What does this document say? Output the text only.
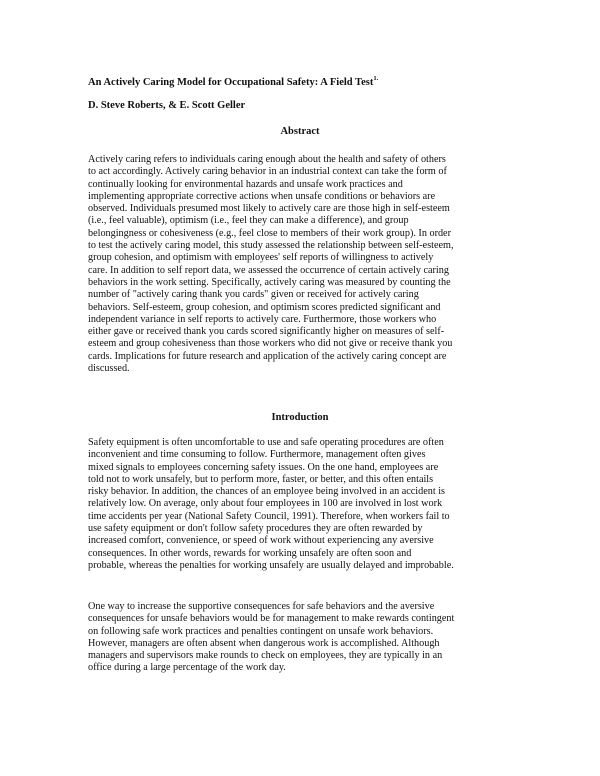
An Actively Caring Model for Occupational Safety: A Field Test$^{1.}$
D. Steve Roberts, & E. Scott Geller
Abstract
Actively caring refers to individuals caring enough about the health and safety of others
to act accordingly. Actively caring behavior in an industrial context can take the form of
continually looking for environmental hazards and unsafe work practices and
implementing appropriate corrective actions when unsafe conditions or behaviors are
observed. Individuals presumed most likely to actively care are those high in self-esteem
(i.e., feel valuable), optimism (i.e., feel they can make a difference), and group
belongingness or cohesiveness (e.g., feel close to members of their work group). In order
to test the actively caring model, this study assessed the relationship between self-esteem,
group cohesion, and optimism with employees' self reports of willingness to actively
care. In addition to self report data, we assessed the occurrence of certain actively caring
behaviors in the work setting. Specifically, actively caring was measured by counting the
number of "actively caring thank you cards" given or received for actively caring
behaviors. Self-esteem, group cohesion, and optimism scores predicted significant and
independent variance in self reports to actively care. Furthermore, those workers who
either gave or received thank you cards scored significantly higher on measures of self-
esteem and group cohesiveness than those workers who did not give or receive thank you
cards. Implications for future research and application of the actively caring concept are
discussed.
Introduction
Safety equipment is often uncomfortable to use and safe operating procedures are often
inconvenient and time consuming to follow. Furthermore, management often gives
mixed signals to employees concerning safety issues. On the one hand, employees are
told not to work unsafely, but to perform more, faster, or better, and this often entails
risky behavior. In addition, the chances of an employee being involved in an accident is
relatively low. On average, only about four employees in 100 are involved in lost work
time accidents per year (National Safety Council, 1991). Therefore, when workers fail to
use safety equipment or don't follow safety procedures they are often rewarded by
increased comfort, convenience, or speed of work without experiencing any aversive
consequences. In other words, rewards for working unsafely are often soon and
probable, whereas the penalties for working unsafely are usually delayed and improbable.
One way to increase the supportive consequences for safe behaviors and the aversive
consequences for unsafe behaviors would be for management to make rewards contingent
on following safe work practices and penalties contingent on unsafe work behaviors.
However, managers are often absent when dangerous work is accomplished. Although
managers and supervisors make rounds to check on employees, they are typically in an
office during a large percentage of the work day.
